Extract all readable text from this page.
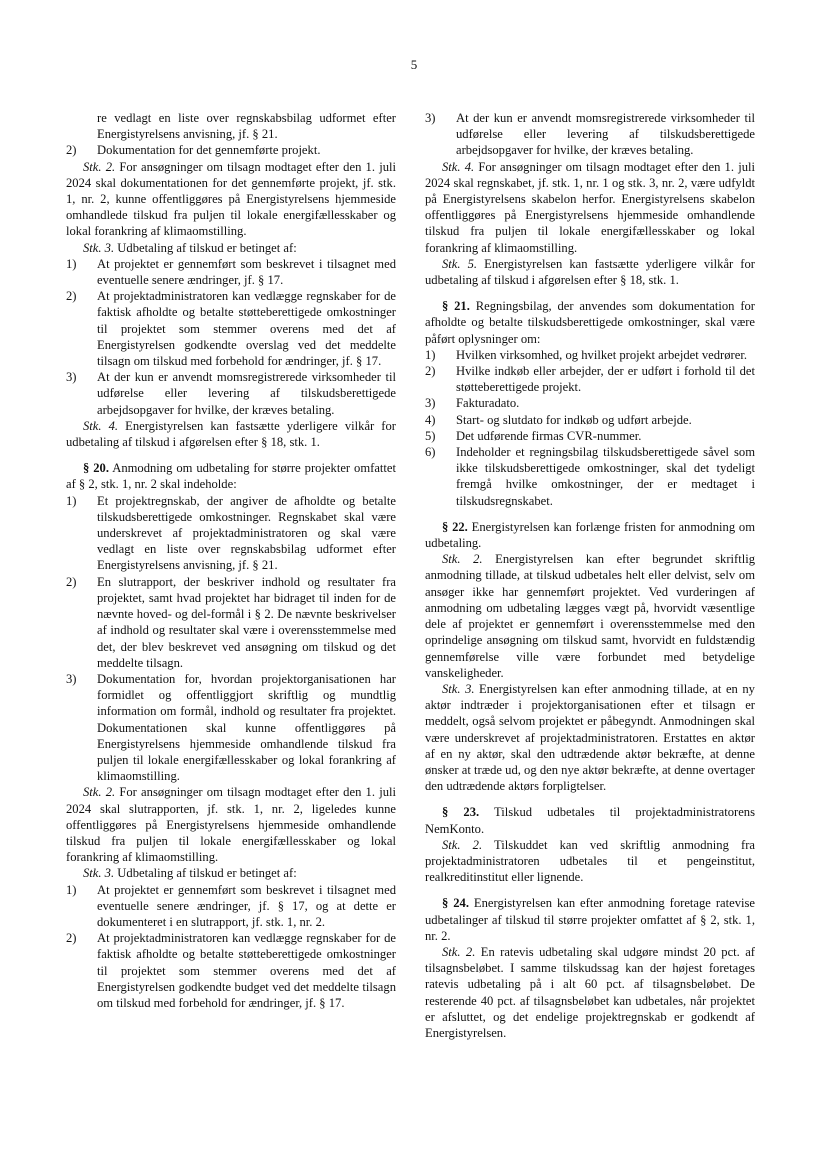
5

re vedlagt en liste over regnskabsbilag udformet efter Energistyrelsens anvisning, jf. § 21.

2) Dokumentation for det gennemførte projekt.

Stk. 2. For ansøgninger om tilsagn modtaget efter den 1. juli 2024 skal dokumentationen for det gennemførte projekt, jf. stk. 1, nr. 2, kunne offentliggøres på Energistyrelsens hjemmeside omhandlede tilskud fra puljen til lokale energifællesskaber og lokal forankring af klimaomstilling.

Stk. 3. Udbetaling af tilskud er betinget af:

1) At projektet er gennemført som beskrevet i tilsagnet med eventuelle senere ændringer, jf. § 17.

2) At projektadministratoren kan vedlægge regnskaber for de faktisk afholdte og betalte støtteberettigede omkostninger til projektet som stemmer overens med det af Energistyrelsen godkendte overslag ved det meddelte tilsagn om tilskud med forbehold for ændringer, jf. § 17.

3) At der kun er anvendt momsregistrerede virksomheder til udførelse eller levering af tilskudsberettigede arbejdsopgaver for hvilke, der kræves betaling.

Stk. 4. Energistyrelsen kan fastsætte yderligere vilkår for udbetaling af tilskud i afgørelsen efter § 18, stk. 1.

§ 20. Anmodning om udbetaling for større projekter omfattet af § 2, stk. 1, nr. 2 skal indeholde:

1) Et projektregnskab, der angiver de afholdte og betalte tilskudsberettigede omkostninger. Regnskabet skal være underskrevet af projektadministratoren og skal være vedlagt en liste over regnskabsbilag udformet efter Energistyrelsens anvisning, jf. § 21.

2) En slutrapport, der beskriver indhold og resultater fra projektet, samt hvad projektet har bidraget til inden for de nævnte hoved- og del-formål i § 2. De nævnte beskrivelser af indhold og resultater skal være i overensstemmelse med det, der blev beskrevet ved ansøgning om tilskud og det meddelte tilsagn.

3) Dokumentation for, hvordan projektorganisationen har formidlet og offentliggjort skriftlig og mundtlig information om formål, indhold og resultater fra projektet. Dokumentationen skal kunne offentliggøres på Energistyrelsens hjemmeside omhandlende tilskud fra puljen til lokale energifællesskaber og lokal forankring af klimaomstilling.

Stk. 2. For ansøgninger om tilsagn modtaget efter den 1. juli 2024 skal slutrapporten, jf. stk. 1, nr. 2, ligeledes kunne offentliggøres på Energistyrelsens hjemmeside omhandlende tilskud fra puljen til lokale energifællesskaber og lokal forankring af klimaomstilling.

Stk. 3. Udbetaling af tilskud er betinget af:

1) At projektet er gennemført som beskrevet i tilsagnet med eventuelle senere ændringer, jf. § 17, og at dette er dokumenteret i en slutrapport, jf. stk. 1, nr. 2.

2) At projektadministratoren kan vedlægge regnskaber for de faktisk afholdte og betalte støtteberettigede omkostninger til projektet som stemmer overens med det af Energistyrelsen godkendte budget ved det meddelte tilsagn om tilskud med forbehold for ændringer, jf. § 17.

3) At der kun er anvendt momsregistrerede virksomheder til udførelse eller levering af tilskudsberettigede arbejdsopgaver for hvilke, der kræves betaling.

Stk. 4. For ansøgninger om tilsagn modtaget efter den 1. juli 2024 skal regnskabet, jf. stk. 1, nr. 1 og stk. 3, nr. 2, være udfyldt på Energistyrelsens skabelon herfor. Energistyrelsens skabelon offentliggøres på Energistyrelsens hjemmeside omhandlende tilskud fra puljen til lokale energifællesskaber og lokal forankring af klimaomstilling.

Stk. 5. Energistyrelsen kan fastsætte yderligere vilkår for udbetaling af tilskud i afgørelsen efter § 18, stk. 1.

§ 21. Regningsbilag, der anvendes som dokumentation for afholdte og betalte tilskudsberettigede omkostninger, skal være påført oplysninger om:

1) Hvilken virksomhed, og hvilket projekt arbejdet vedrører.

2) Hvilke indkøb eller arbejder, der er udført i forhold til det støtteberettigede projekt.

3) Fakturadato.

4) Start- og slutdato for indkøb og udført arbejde.

5) Det udførende firmas CVR-nummer.

6) Indeholder et regningsbilag tilskudsberettigede såvel som ikke tilskudsberettigede omkostninger, skal det tydeligt fremgå hvilke omkostninger, der er medtaget i tilskudsregnskabet.

§ 22. Energistyrelsen kan forlænge fristen for anmodning om udbetaling.

Stk. 2. Energistyrelsen kan efter begrundet skriftlig anmodning tillade, at tilskud udbetales helt eller delvist, selv om ansøger ikke har gennemført projektet. Ved vurderingen af anmodning om udbetaling lægges vægt på, hvorvidt væsentlige dele af projektet er gennemført i overensstemmelse med den oprindelige ansøgning om tilskud samt, hvorvidt en fuldstændig gennemførelse ville være forbundet med betydelige vanskeligheder.

Stk. 3. Energistyrelsen kan efter anmodning tillade, at en ny aktør indtræder i projektorganisationen efter et tilsagn er meddelt, også selvom projektet er påbegyndt. Anmodningen skal være underskrevet af projektadministratoren. Erstattes en aktør af en ny aktør, skal den udtrædende aktør bekræfte, at denne ønsker at træde ud, og den nye aktør bekræfte, at denne overtager den udtrædende aktørs forpligtelser.

§ 23. Tilskud udbetales til projektadministratorens NemKonto.

Stk. 2. Tilskuddet kan ved skriftlig anmodning fra projektadministratoren udbetales til et pengeinstitut, realkreditinstitut eller lignende.

§ 24. Energistyrelsen kan efter anmodning foretage ratevise udbetalinger af tilskud til større projekter omfattet af § 2, stk. 1, nr. 2.

Stk. 2. En ratevis udbetaling skal udgøre mindst 20 pct. af tilsagnsbeløbet. I samme tilskudssag kan der højest foretages ratevis udbetaling på i alt 60 pct. af tilsagnsbeløbet. De resterende 40 pct. af tilsagnsbeløbet kan udbetales, når projektet er afsluttet, og det endelige projektregnskab er godkendt af Energistyrelsen.
